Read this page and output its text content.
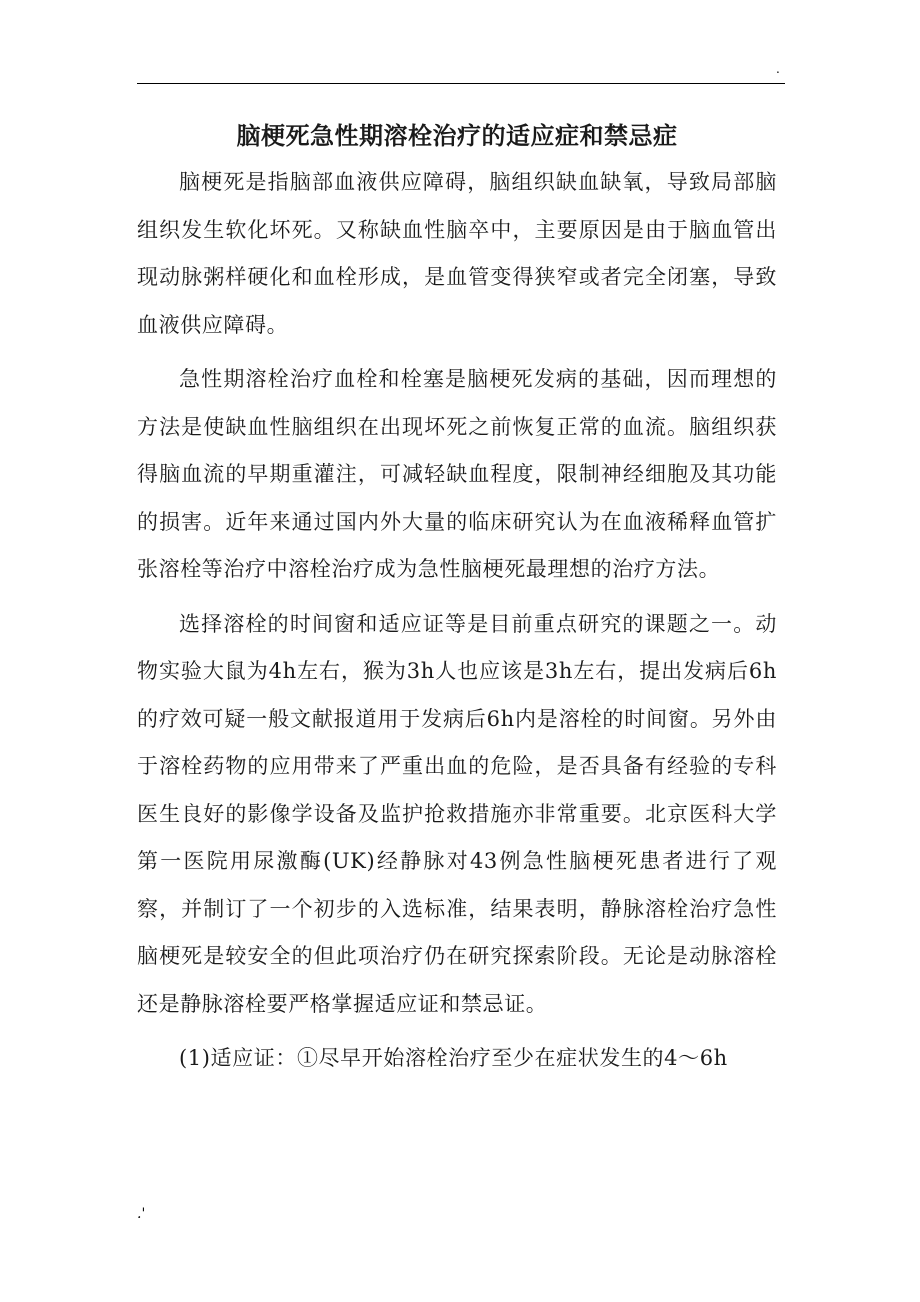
.
脑梗死急性期溶栓治疗的适应症和禁忌症

脑梗死是指脑部血液供应障碍，脑组织缺血缺氧，导致局部脑组织发生软化坏死。又称缺血性脑卒中，主要原因是由于脑血管出现动脉粥样硬化和血栓形成，是血管变得狭窄或者完全闭塞，导致血液供应障碍。

急性期溶栓治疗血栓和栓塞是脑梗死发病的基础，因而理想的方法是使缺血性脑组织在出现坏死之前恢复正常的血流。脑组织获得脑血流的早期重灌注，可减轻缺血程度，限制神经细胞及其功能的损害。近年来通过国内外大量的临床研究认为在血液稀释血管扩张溶栓等治疗中溶栓治疗成为急性脑梗死最理想的治疗方法。

选择溶栓的时间窗和适应证等是目前重点研究的课题之一。动物实验大鼠为4h左右，猴为3h人也应该是3h左右，提出发病后6h的疗效可疑一般文献报道用于发病后6h内是溶栓的时间窗。另外由于溶栓药物的应用带来了严重出血的危险，是否具备有经验的专科医生良好的影像学设备及监护抢救措施亦非常重要。北京医科大学第一医院用尿激酶(UK)经静脉对43例急性脑梗死患者进行了观察，并制订了一个初步的入选标准，结果表明，静脉溶栓治疗急性脑梗死是较安全的但此项治疗仍在研究探索阶段。无论是动脉溶栓还是静脉溶栓要严格掌握适应证和禁忌证。

(1)适应证：①尽早开始溶栓治疗至少在症状发生的4～6h

.'
